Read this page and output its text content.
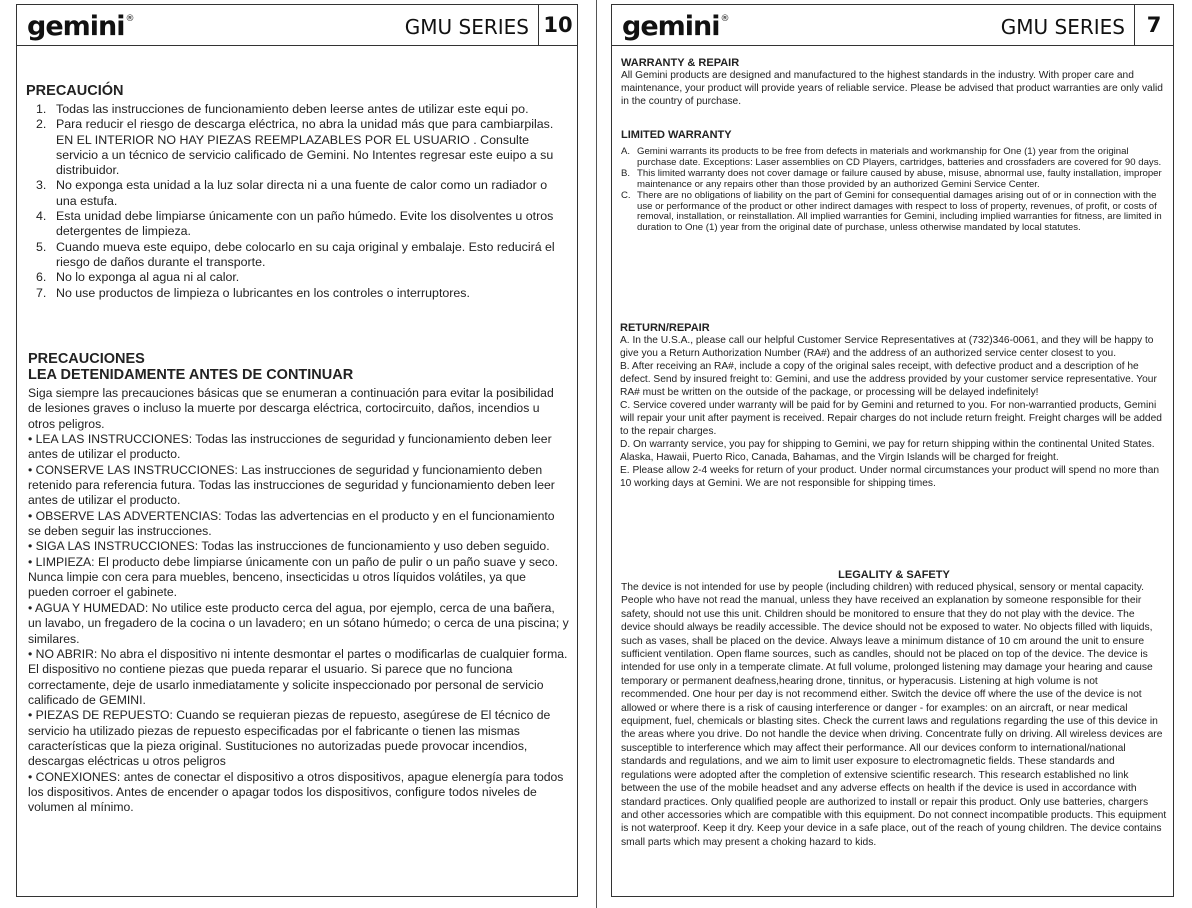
gemini®	GMU SERIES 10
PRECAUCIÓN
1. Todas las instrucciones de funcionamiento deben leerse antes de utilizar este equi po.
2. Para reducir el riesgo de descarga eléctrica, no abra la unidad más que para cambiarpilas. EN EL INTERIOR NO HAY PIEZAS REEMPLAZABLES POR EL USUARIO . Consulte servicio a un técnico de servicio calificado de Gemini. No Intentes regresar este euipo a su distribuidor.
3. No exponga esta unidad a la luz solar directa ni a una fuente de calor como un radiador o una estufa.
4. Esta unidad debe limpiarse únicamente con un paño húmedo. Evite los disolventes u otros detergentes de limpieza.
5. Cuando mueva este equipo, debe colocarlo en su caja original y embalaje. Esto reducirá el riesgo de daños durante el transporte.
6. No lo exponga al agua ni al calor.
7. No use productos de limpieza o lubricantes en los controles o interruptores.
PRECAUCIONES
LEA DETENIDAMENTE ANTES DE CONTINUAR
Siga siempre las precauciones básicas que se enumeran a continuación para evitar la posibilidad de lesiones graves o incluso la muerte por descarga eléctrica, cortocircuito, daños, incendios u otros peligros.
• LEA LAS INSTRUCCIONES: Todas las instrucciones de seguridad y funcionamiento deben leer antes de utilizar el producto.
• CONSERVE LAS INSTRUCCIONES: Las instrucciones de seguridad y funcionamiento deben retenido para referencia futura. Todas las instrucciones de seguridad y funcionamiento deben leer antes de utilizar el producto.
• OBSERVE LAS ADVERTENCIAS: Todas las advertencias en el producto y en el funcionamiento se deben seguir las instrucciones.
• SIGA LAS INSTRUCCIONES: Todas las instrucciones de funcionamiento y uso deben seguido.
• LIMPIEZA: El producto debe limpiarse únicamente con un paño de pulir o un paño suave y seco. Nunca limpie con cera para muebles, benceno, insecticidas u otros líquidos volátiles, ya que pueden corroer el gabinete.
• AGUA Y HUMEDAD: No utilice este producto cerca del agua, por ejemplo, cerca de una bañera, un lavabo, un fregadero de la cocina o un lavadero; en un sótano húmedo; o cerca de una piscina; y similares.
• NO ABRIR: No abra el dispositivo ni intente desmontar el partes o modificarlas de cualquier forma. El dispositivo no contiene piezas que pueda reparar el usuario. Si parece que no funciona correctamente, deje de usarlo inmediatamente y solicite inspeccionado por personal de servicio calificado de GEMINI.
• PIEZAS DE REPUESTO: Cuando se requieran piezas de repuesto, asegúrese de El técnico de servicio ha utilizado piezas de repuesto especificadas por el fabricante o tienen las mismas características que la pieza original. Sustituciones no autorizadas puede provocar incendios, descargas eléctricas u otros peligros
• CONEXIONES: antes de conectar el dispositivo a otros dispositivos, apague elenergía para todos los dispositivos. Antes de encender o apagar todos los dispositivos, configure todos niveles de volumen al mínimo.
gemini®	GMU SERIES	7
WARRANTY & REPAIR
All Gemini products are designed and manufactured to the highest standards in the industry. With proper care and maintenance, your product will provide years of reliable service. Please be advised that product warranties are only valid in the country of purchase.
LIMITED WARRANTY
A. Gemini warrants its products to be free from defects in materials and workmanship for One (1) year from the original purchase date. Exceptions: Laser assemblies on CD Players, cartridges, batteries and crossfaders are covered for 90 days.
B. This limited warranty does not cover damage or failure caused by abuse, misuse, abnormal use, faulty installation, improper maintenance or any repairs other than those provided by an authorized Gemini Service Center.
C. There are no obligations of liability on the part of Gemini for consequential damages arising out of or in connection with the use or performance of the product or other indirect damages with respect to loss of property, revenues, of profit, or costs of removal, installation, or reinstallation. All implied warranties for Gemini, including implied warranties for fitness, are limited in duration to One (1) year from the original date of purchase, unless otherwise mandated by local statutes.
RETURN/REPAIR
A. In the U.S.A., please call our helpful Customer Service Representatives at (732)346-0061, and they will be happy to give you a Return Authorization Number (RA#) and the address of an authorized service center closest to you.
B. After receiving an RA#, include a copy of the original sales receipt, with defective product and a description of he defect. Send by insured freight to: Gemini, and use the address provided by your customer service representative. Your RA# must be written on the outside of the package, or processing will be delayed indefinitely!
C. Service covered under warranty will be paid for by Gemini and returned to you. For non-warrantied products, Gemini will repair your unit after payment is received. Repair charges do not include return freight. Freight charges will be added to the repair charges.
D. On warranty service, you pay for shipping to Gemini, we pay for return shipping within the continental United States. Alaska, Hawaii, Puerto Rico, Canada, Bahamas, and the Virgin Islands will be charged for freight.
E. Please allow 2-4 weeks for return of your product. Under normal circumstances your product will spend no more than 10 working days at Gemini. We are not responsible for shipping times.
LEGALITY & SAFETY
The device is not intended for use by people (including children) with reduced physical, sensory or mental capacity. People who have not read the manual, unless they have received an explanation by someone responsible for their safety, should not use this unit. Children should be monitored to ensure that they do not play with the device. The device should always be readily accessible. The device should not be exposed to water. No objects filled with liquids, such as vases, shall be placed on the device. Always leave a minimum distance of 10 cm around the unit to ensure sufficient ventilation. Open flame sources, such as candles, should not be placed on top of the device. The device is intended for use only in a temperate climate. At full volume, prolonged listening may damage your hearing and cause temporary or permanent deafness,hearing drone, tinnitus, or hyperacusis. Listening at high volume is not recommended. One hour per day is not recommend either. Switch the device off where the use of the device is not allowed or where there is a risk of causing interference or danger - for examples: on an aircraft, or near medical equipment, fuel, chemicals or blasting sites. Check the current laws and regulations regarding the use of this device in the areas where you drive. Do not handle the device when driving. Concentrate fully on driving. All wireless devices are susceptible to interference which may affect their performance. All our devices conform to international/national standards and regulations, and we aim to limit user exposure to electromagnetic fields. These standards and regulations were adopted after the completion of extensive scientific research. This research established no link between the use of the mobile headset and any adverse effects on health if the device is used in accordance with standard practices. Only qualified people are authorized to install or repair this product. Only use batteries, chargers and other accessories which are compatible with this equipment. Do not connect incompatible products. This equipment is not waterproof. Keep it dry. Keep your device in a safe place, out of the reach of young children. The device contains small parts which may present a choking hazard to kids.
